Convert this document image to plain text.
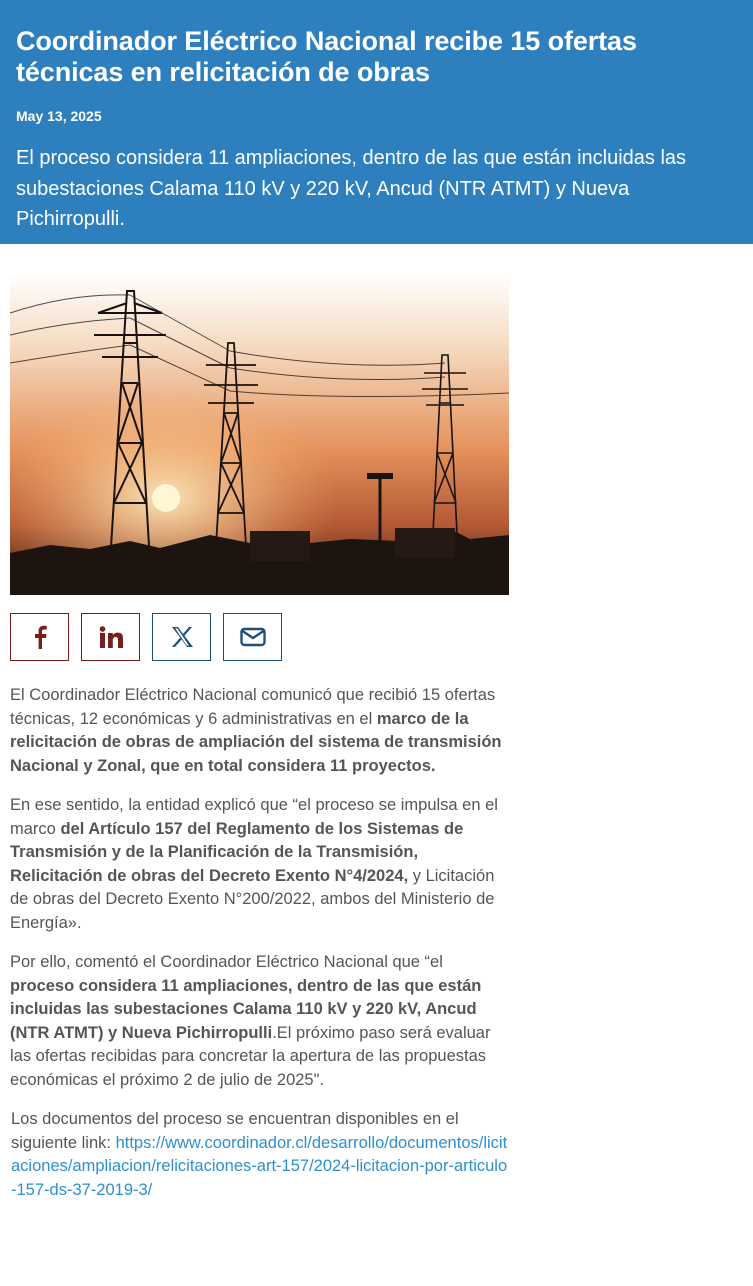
Coordinador Eléctrico Nacional recibe 15 ofertas técnicas en relicitación de obras
May 13, 2025
El proceso considera 11 ampliaciones, dentro de las que están incluidas las subestaciones Calama 110 kV y 220 kV, Ancud (NTR ATMT) y Nueva Pichirropulli.

El Coordinador Eléctrico Nacional comunicó que recibió 15 ofertas técnicas, 12 económicas y 6 administrativas en el marco de la relicitación de obras de ampliación del sistema de transmisión Nacional y Zonal, que en total considera 11 proyectos.

En ese sentido, la entidad explicó que “el proceso se impulsa en el marco del Artículo 157 del Reglamento de los Sistemas de Transmisión y de la Planificación de la Transmisión, Relicitación de obras del Decreto Exento N°4/2024, y Licitación de obras del Decreto Exento N°200/2022, ambos del Ministerio de Energía».

Por ello, comentó el Coordinador Eléctrico Nacional que “el proceso considera 11 ampliaciones, dentro de las que están incluidas las subestaciones Calama 110 kV y 220 kV, Ancud (NTR ATMT) y Nueva Pichirropulli.El próximo paso será evaluar las ofertas recibidas para concretar la apertura de las propuestas económicas el próximo 2 de julio de 2025".

Los documentos del proceso se encuentran disponibles en el siguiente link: https://www.coordinador.cl/desarrollo/documentos/licitaciones/ampliacion/relicitaciones-art-157/2024-licitacion-por-articulo-157-ds-37-2019-3/
